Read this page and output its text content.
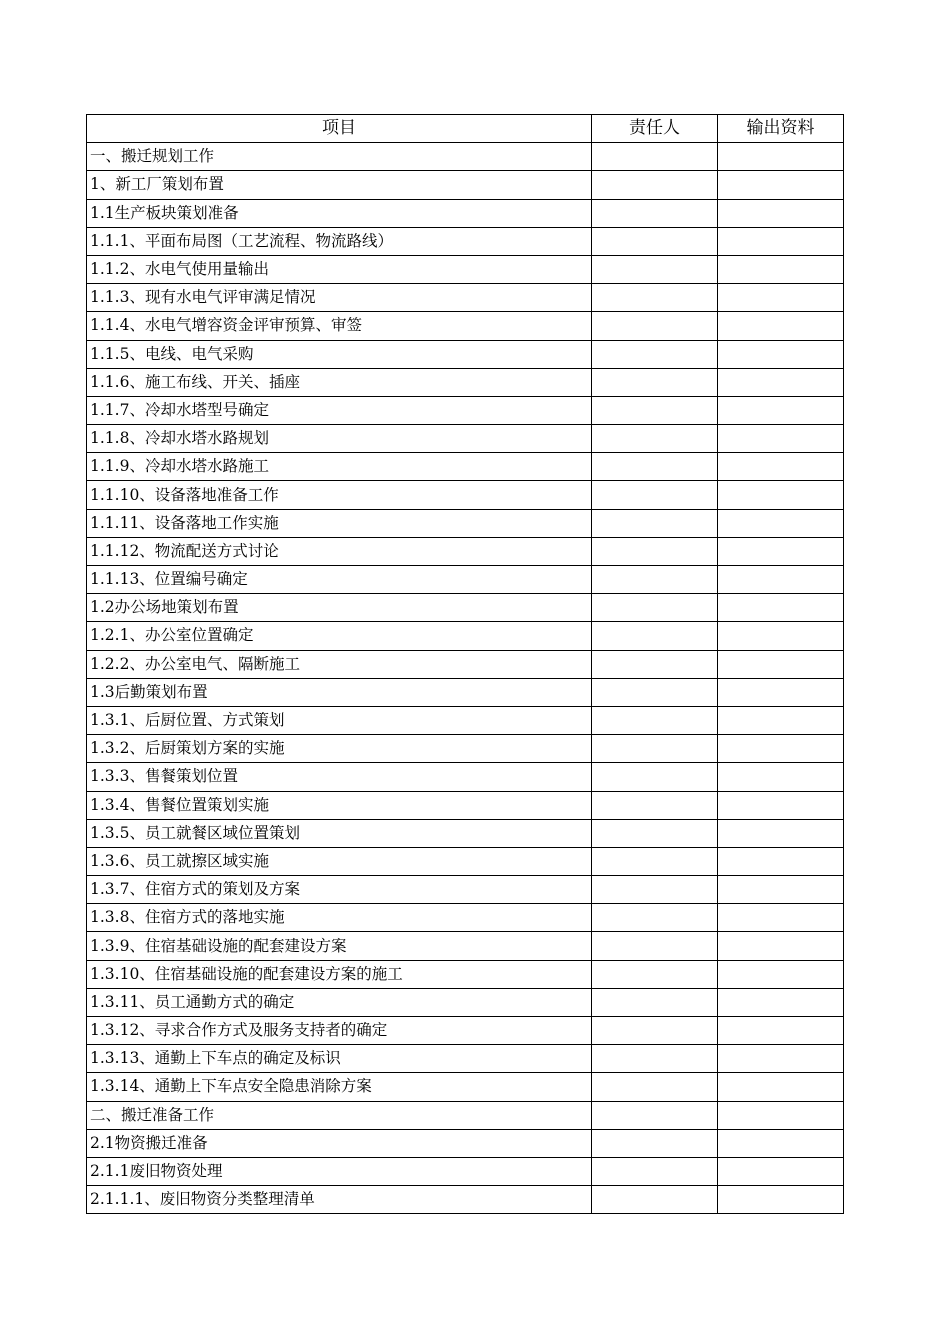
项目	责任人	输出资料
一、搬迁规划工作		
1、新工厂策划布置		
1.1生产板块策划准备		
1.1.1、平面布局图（工艺流程、物流路线）		
1.1.2、水电气使用量输出		
1.1.3、现有水电气评审满足情况		
1.1.4、水电气增容资金评审预算、审签		
1.1.5、电线、电气采购		
1.1.6、施工布线、开关、插座		
1.1.7、冷却水塔型号确定		
1.1.8、冷却水塔水路规划		
1.1.9、冷却水塔水路施工		
1.1.10、设备落地准备工作		
1.1.11、设备落地工作实施		
1.1.12、物流配送方式讨论		
1.1.13、位置编号确定		
1.2办公场地策划布置		
1.2.1、办公室位置确定		
1.2.2、办公室电气、隔断施工		
1.3后勤策划布置		
1.3.1、后厨位置、方式策划		
1.3.2、后厨策划方案的实施		
1.3.3、售餐策划位置		
1.3.4、售餐位置策划实施		
1.3.5、员工就餐区域位置策划		
1.3.6、员工就擦区域实施		
1.3.7、住宿方式的策划及方案		
1.3.8、住宿方式的落地实施		
1.3.9、住宿基础设施的配套建设方案		
1.3.10、住宿基础设施的配套建设方案的施工		
1.3.11、员工通勤方式的确定		
1.3.12、寻求合作方式及服务支持者的确定		
1.3.13、通勤上下车点的确定及标识		
1.3.14、通勤上下车点安全隐患消除方案		
二、搬迁准备工作		
2.1物资搬迁准备		
2.1.1废旧物资处理		
2.1.1.1、废旧物资分类整理清单		
